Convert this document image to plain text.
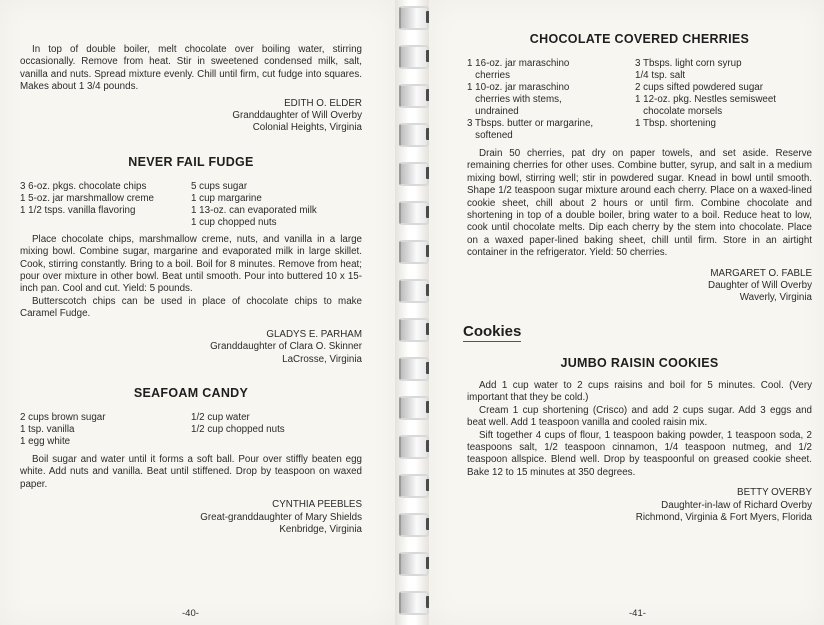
In top of double boiler, melt chocolate over boiling water, stirring occasionally. Remove from heat. Stir in sweetened condensed milk, salt, vanilla and nuts. Spread mixture evenly. Chill until firm, cut fudge into squares. Makes about 1 3/4 pounds.

EDITH O. ELDER
Granddaughter of Will Overby
Colonial Heights, Virginia
NEVER FAIL FUDGE
3 6-oz. pkgs. chocolate chips
1 5-oz. jar marshmallow creme
1 1/2 tsps. vanilla flavoring
5 cups sugar
1 cup margarine
1 13-oz. can evaporated milk
1 cup chopped nuts

Place chocolate chips, marshmallow creme, nuts, and vanilla in a large mixing bowl. Combine sugar, margarine and evaporated milk in large skillet. Cook, stirring constantly. Bring to a boil. Boil for 8 minutes. Remove from heat; pour over mixture in other bowl. Beat until smooth. Pour into buttered 10 x 15-inch pan. Cool and cut. Yield: 5 pounds.

Butterscotch chips can be used in place of chocolate chips to make Caramel Fudge.

GLADYS E. PARHAM
Granddaughter of Clara O. Skinner
LaCrosse, Virginia
SEAFOAM CANDY
2 cups brown sugar
1 tsp. vanilla
1 egg white
1/2 cup water
1/2 cup chopped nuts

Boil sugar and water until it forms a soft ball. Pour over stiffly beaten egg white. Add nuts and vanilla. Beat until stiffened. Drop by teaspoon on waxed paper.

CYNTHIA PEEBLES
Great-granddaughter of Mary Shields
Kenbridge, Virginia
-40-
CHOCOLATE COVERED CHERRIES
1 16-oz. jar maraschino
cherries
1 10-oz. jar maraschino
cherries with stems,
undrained
3 Tbsps. butter or margarine,
softened
3 Tbsps. light corn syrup
1/4 tsp. salt
2 cups sifted powdered sugar
1 12-oz. pkg. Nestles semisweet
chocolate morsels
1 Tbsp. shortening

Drain 50 cherries, pat dry on paper towels, and set aside. Reserve remaining cherries for other uses. Combine butter, syrup, and salt in a medium mixing bowl, stirring well; stir in powdered sugar. Knead in bowl until smooth. Shape 1/2 teaspoon sugar mixture around each cherry. Place on a waxed-lined cookie sheet, chill about 2 hours or until firm. Combine chocolate and shortening in top of a double boiler, bring water to a boil. Reduce heat to low, cook until chocolate melts. Dip each cherry by the stem into chocolate. Place on a waxed paper-lined baking sheet, chill until firm. Store in an airtight container in the refrigerator. Yield: 50 cherries.

MARGARET O. FABLE
Daughter of Will Overby
Waverly, Virginia
Cookies
JUMBO RAISIN COOKIES

Add 1 cup water to 2 cups raisins and boil for 5 minutes. Cool. (Very important that they be cold.)

Cream 1 cup shortening (Crisco) and add 2 cups sugar. Add 3 eggs and beat well. Add 1 teaspoon vanilla and cooled raisin mix.

Sift together 4 cups of flour, 1 teaspoon baking powder, 1 teaspoon soda, 2 teaspoons salt, 1/2 teaspoon cinnamon, 1/4 teaspoon nutmeg, and 1/2 teaspoon allspice. Blend well. Drop by teaspoonful on greased cookie sheet. Bake 12 to 15 minutes at 350 degrees.

BETTY OVERBY
Daughter-in-law of Richard Overby
Richmond, Virginia & Fort Myers, Florida
-41-
